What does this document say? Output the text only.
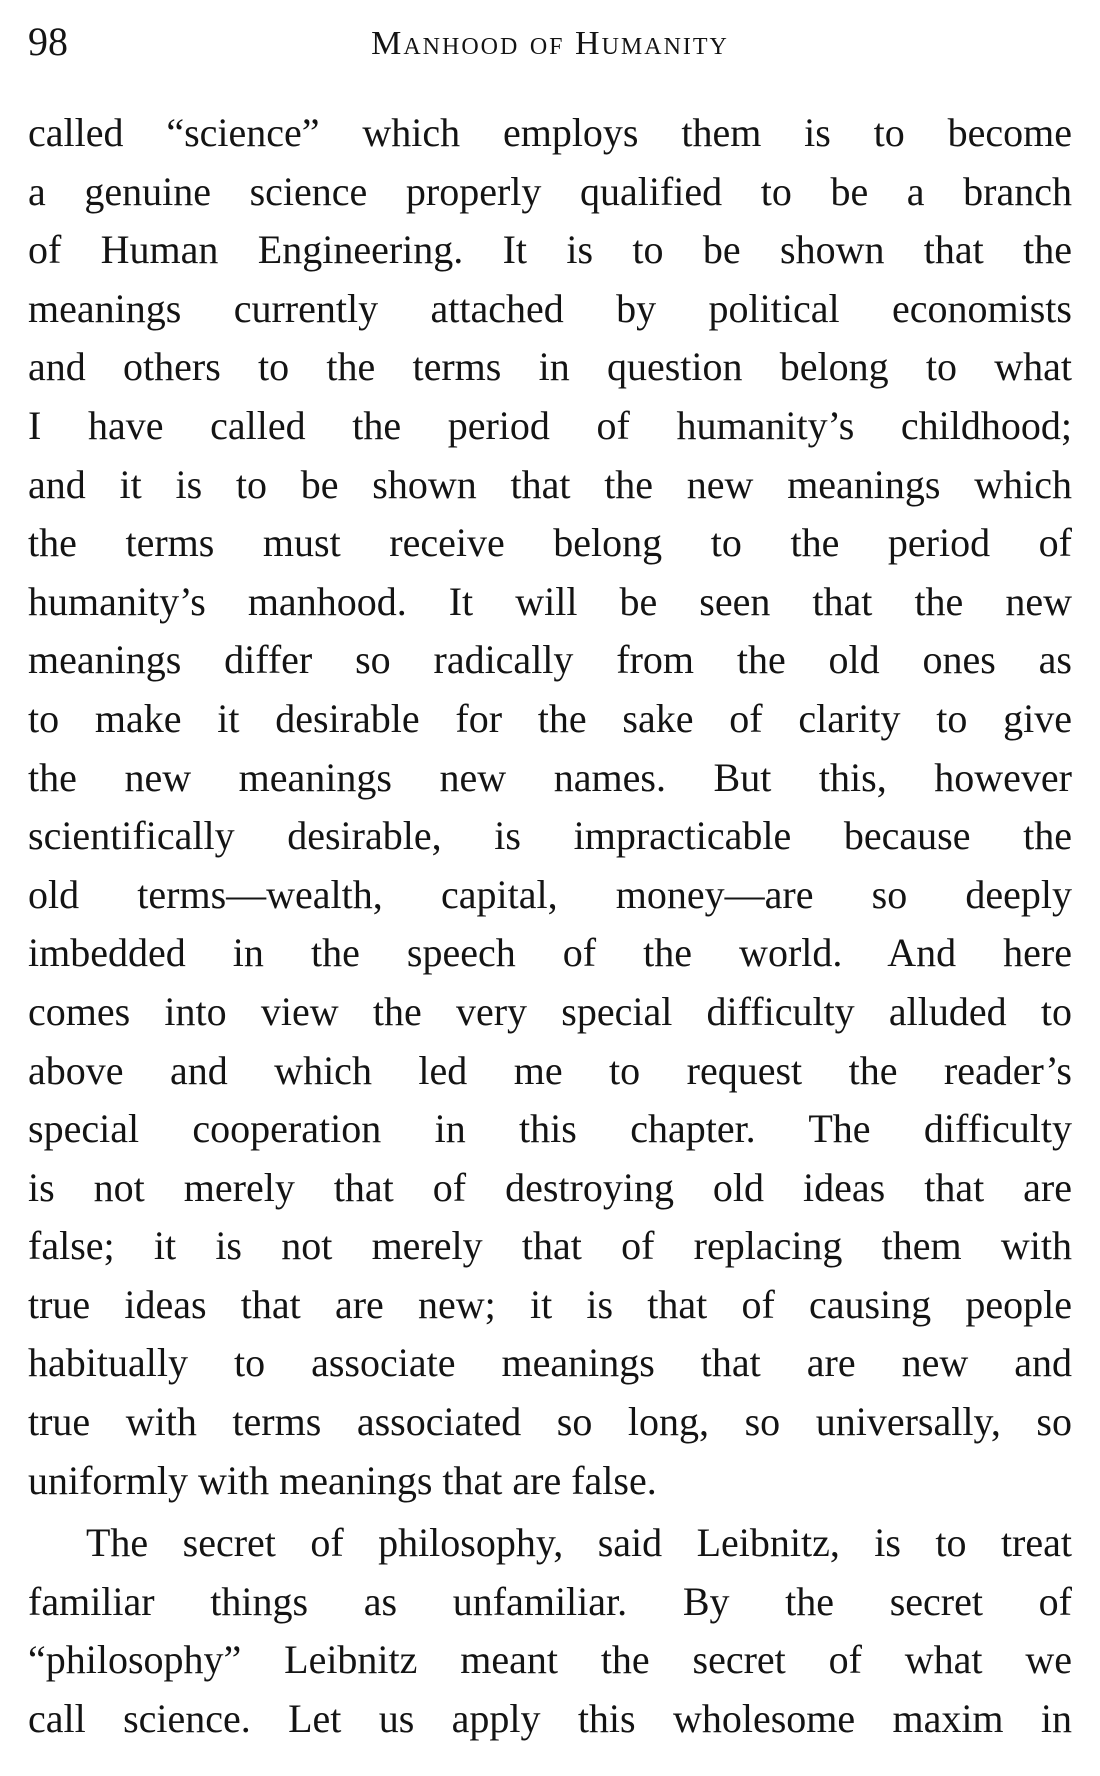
98	Manhood of Humanity
called “science” which employs them is to become
a genuine science properly qualified to be a branch
of Human Engineering. It is to be shown that the
meanings currently attached by political economists
and others to the terms in question belong to what
I have called the period of humanity’s childhood;
and it is to be shown that the new meanings which
the terms must receive belong to the period of
humanity’s manhood. It will be seen that the new
meanings differ so radically from the old ones as
to make it desirable for the sake of clarity to give
the new meanings new names. But this, however
scientifically desirable, is impracticable because the
old terms—wealth, capital, money—are so deeply
imbedded in the speech of the world. And here
comes into view the very special difficulty alluded to
above and which led me to request the reader’s
special cooperation in this chapter. The difficulty
is not merely that of destroying old ideas that are
false; it is not merely that of replacing them with
true ideas that are new; it is that of causing people
habitually to associate meanings that are new and
true with terms associated so long, so universally, so
uniformly with meanings that are false.
The secret of philosophy, said Leibnitz, is to treat
familiar things as unfamiliar. By the secret of
“philosophy” Leibnitz meant the secret of what we
call science. Let us apply this wholesome maxim in
